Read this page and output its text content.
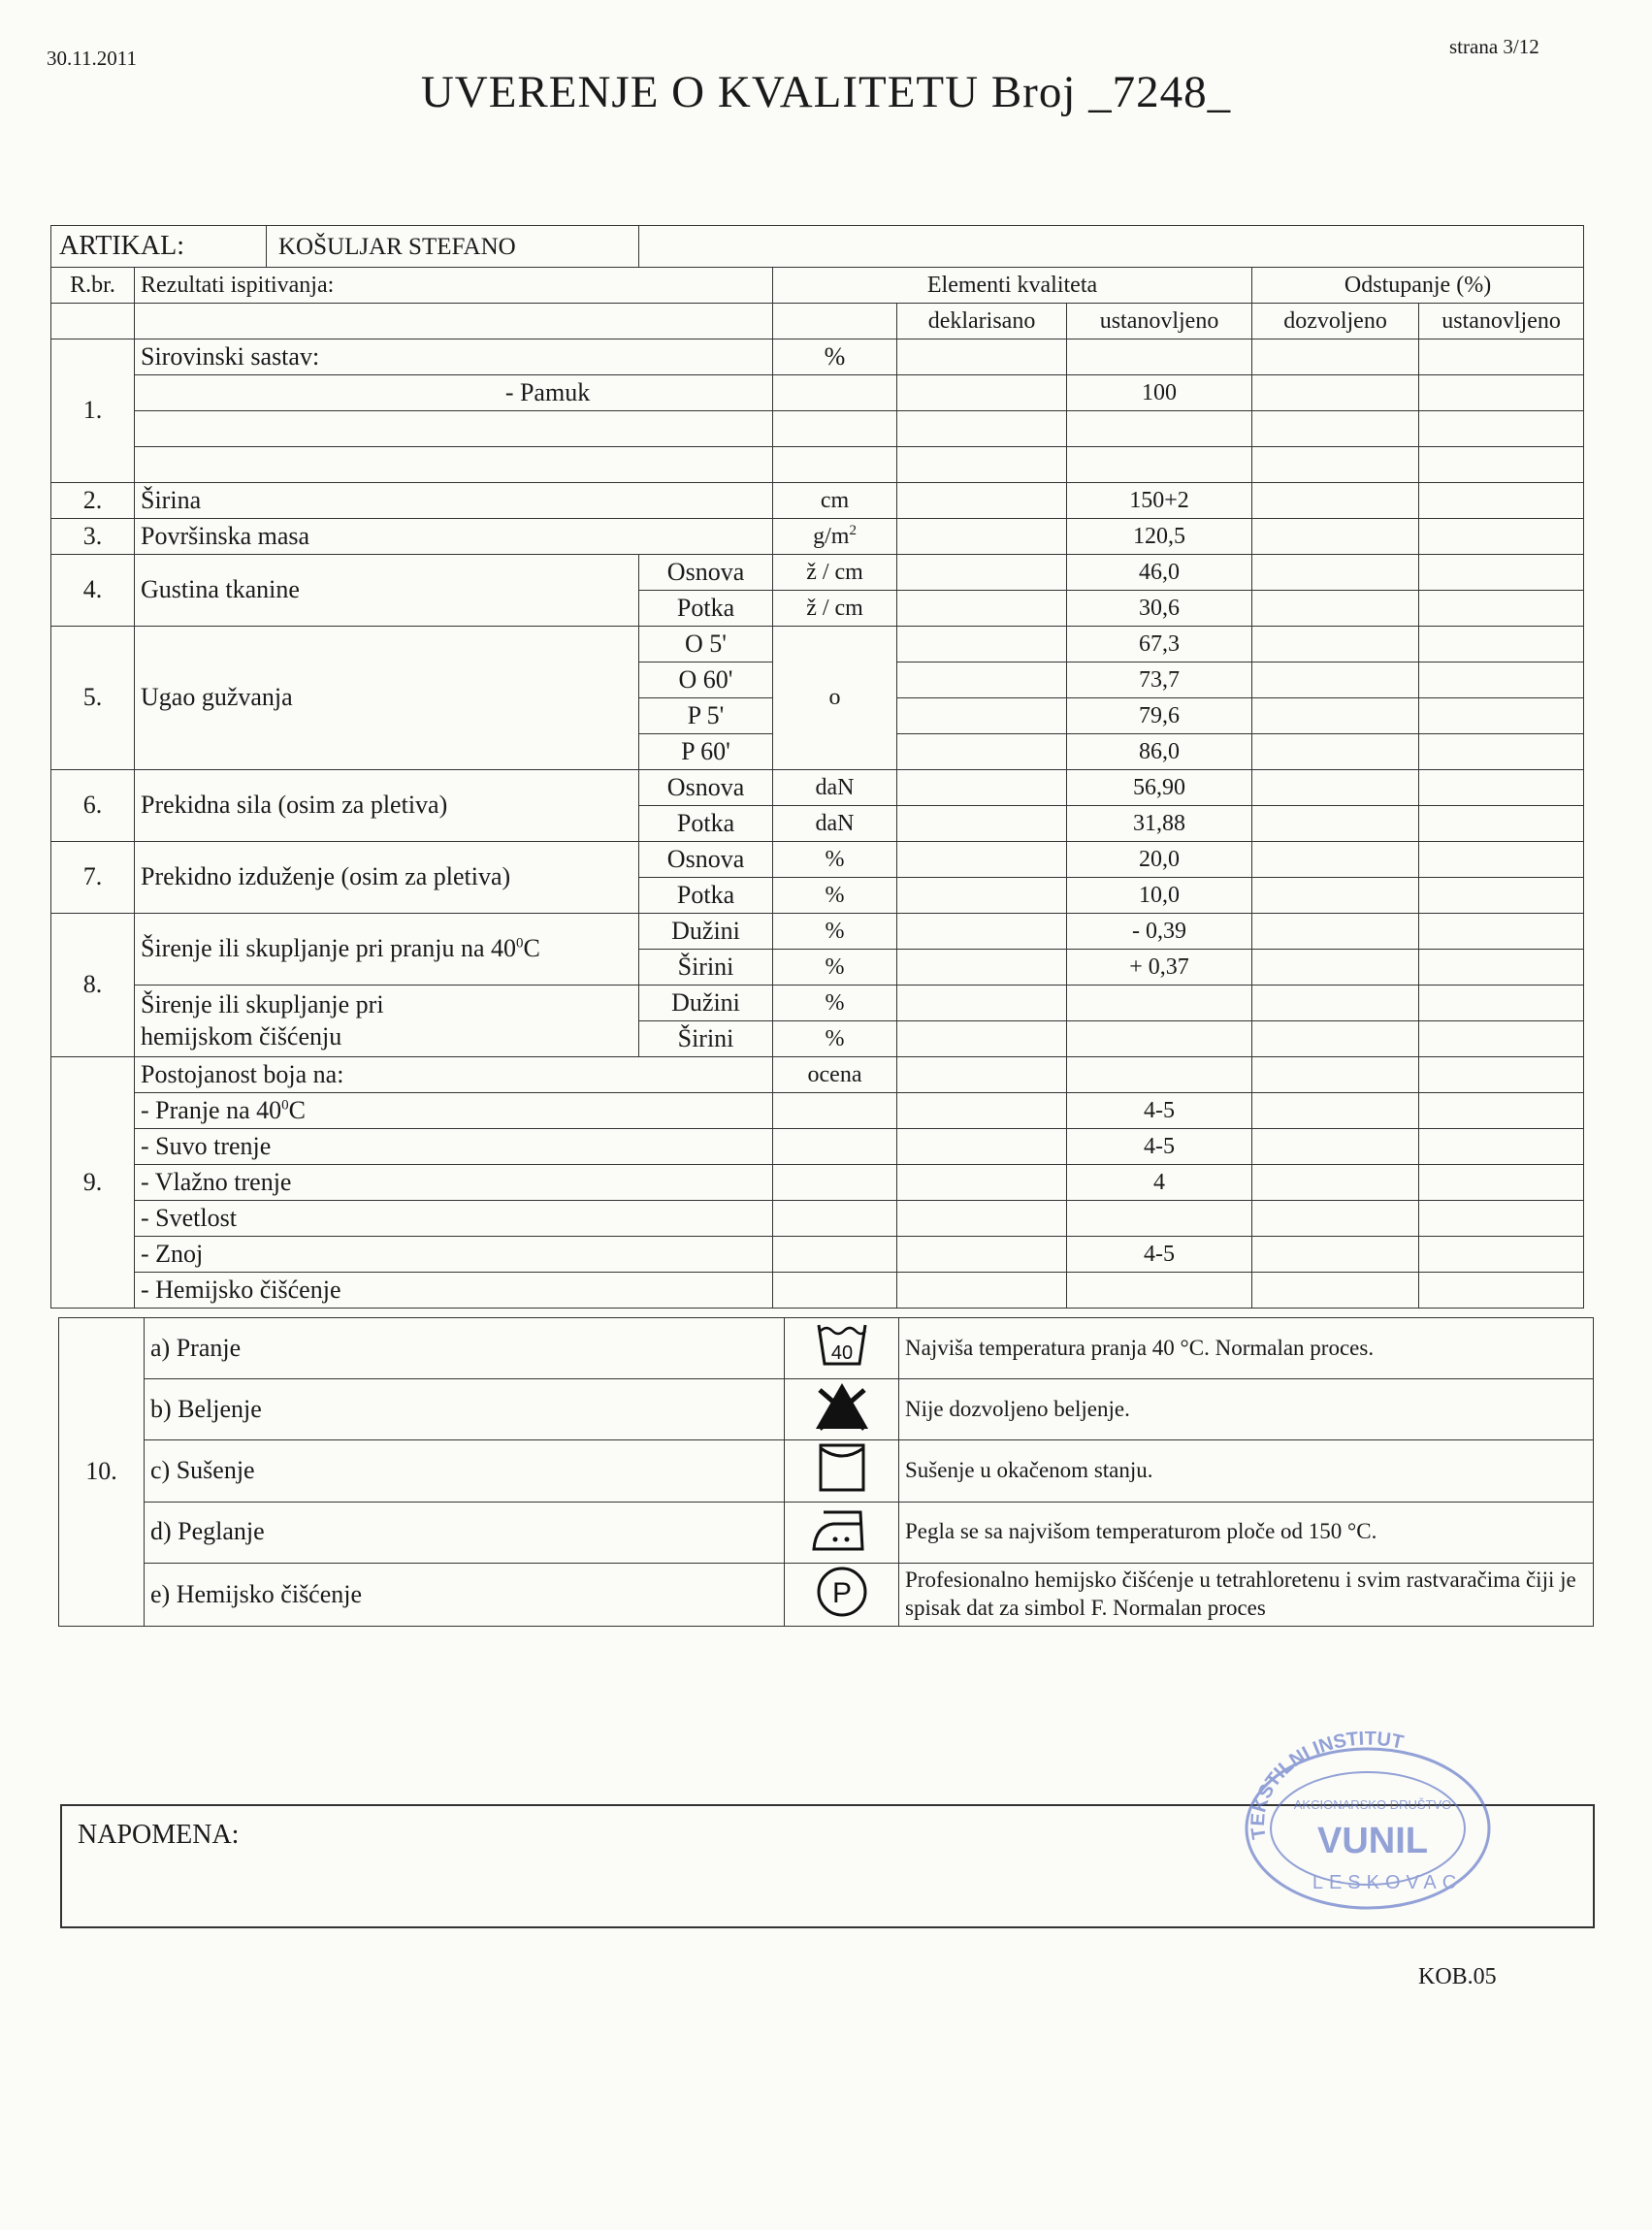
30.11.2011	strana 3/12
UVERENJE O KVALITETU Broj _7248_
ARTIKAL: KOŠULJAR STEFANO							
R.br.	Rezultati ispitivanja:		Elementi kvaliteta			Odstupanje (%)	
				deklarisano	ustanovljeno	dozvoljeno	ustanovljeno
1.	Sirovinski sastav:		%				
	- Pamuk				100		

2.	Širina		cm		150+2		
3.	Površinska masa		$g/m^2$		120,5		
4.	Gustina tkanine	Osnova	ž / cm		46,0		
		Potka	ž / cm		30,6		
5.	Ugao gužvanja	O 5'	o		67,3		
		O 60'			73,7		
		P 5'			79,6		
		P 60'			86,0		
6.	Prekidna sila (osim za pletiva)	Osnova	daN		56,90		
		Potka	daN		31,88		
7.	Prekidno izduženje (osim za pletiva)	Osnova	%		20,0		
		Potka	%		10,0		
8.	Širenje ili skupljanje pri pranju na $40^0C$	Dužini	%		- 0,39		
		Širini	%		+ 0,37		
	Širenje ili skupljanje pri
hemijskom čišćenju	Dužini	%				
		Širini	%				
9.	Postojanost boja na:		ocena				
	- Pranje na $40^0C$				4-5		
	- Suvo trenje				4-5		
	- Vlažno trenje				4		
	- Svetlost						
	- Znoj				4-5		
	- Hemijsko čišćenje						
10.	a) Pranje	40	Najviša temperatura pranja 40 °C. Normalan proces.
	b) Beljenje		Nije dozvoljeno beljenje.
	c) Sušenje		Sušenje u okačenom stanju.
	d) Peglanje		Pegla se sa najvišom temperaturom ploče od 150 °C.
	e) Hemijsko čišćenje	P	Profesionalno hemijsko čišćenje u tetrahloretenu i svim rastvaračima čiji je spisak dat za simbol F. Normalan proces
NAPOMENA:	TEKSTILNI INSTITUT
AKCIONARSKO DRUŠTVO
VUNIL
LESKOVAC
KOB.05
